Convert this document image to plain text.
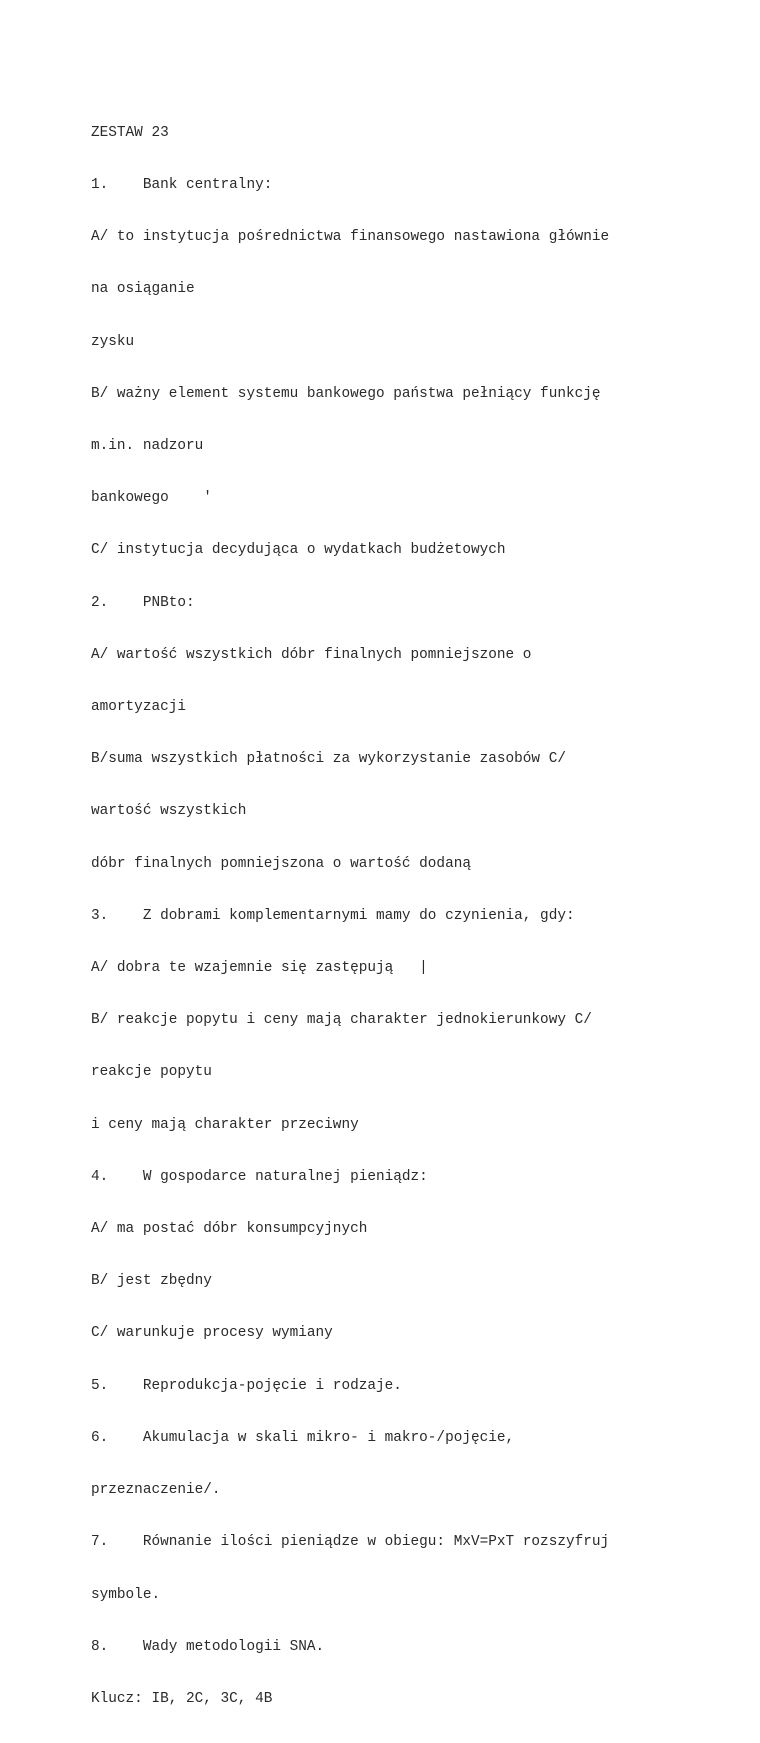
ZESTAW 23

1.    Bank centralny:

A/ to instytucja pośrednictwa finansowego nastawiona głównie

na osiąganie

zysku

B/ ważny element systemu bankowego państwa pełniący funkcję

m.in. nadzoru

bankowego    '

C/ instytucja decydująca o wydatkach budżetowych

2.    PNBto:

A/ wartość wszystkich dóbr finalnych pomniejszone o

amortyzacji

B/suma wszystkich płatności za wykorzystanie zasobów C/

wartość wszystkich

dóbr finalnych pomniejszona o wartość dodaną

3.    Z dobrami komplementarnymi mamy do czynienia, gdy:

A/ dobra te wzajemnie się zastępują   |

B/ reakcje popytu i ceny mają charakter jednokierunkowy C/

reakcje popytu

i ceny mają charakter przeciwny

4.    W gospodarce naturalnej pieniądz:

A/ ma postać dóbr konsumpcyjnych

B/ jest zbędny

C/ warunkuje procesy wymiany

5.    Reprodukcja-pojęcie i rodzaje.

6.    Akumulacja w skali mikro- i makro-/pojęcie,

przeznaczenie/.

7.    Równanie ilości pieniądze w obiegu: MxV=PxT rozszyfruj

symbole.

8.    Wady metodologii SNA.

Klucz: IB, 2C, 3C, 4B
